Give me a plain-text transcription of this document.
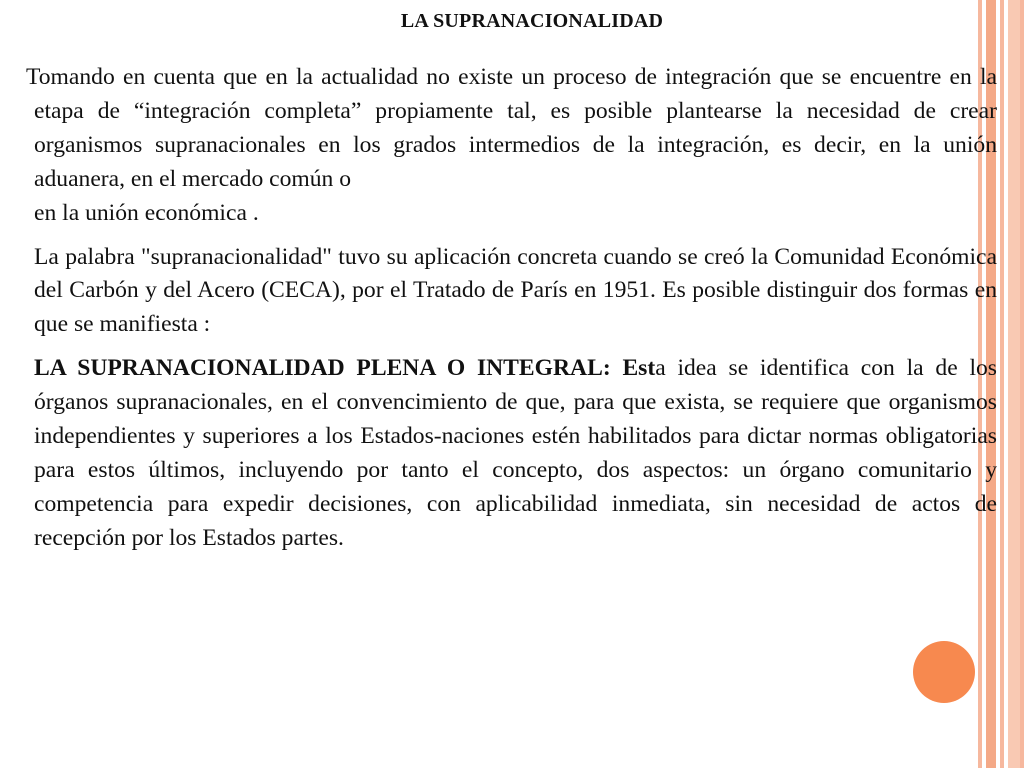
LA SUPRANACIONALIDAD

Tomando en cuenta que en la actualidad no existe un proceso de integración que se encuentre en la etapa de “integración completa” propiamente tal, es posible plantearse la necesidad de crear organismos supranacionales en los grados intermedios de la integración, es decir, en la unión aduanera, en el mercado común o

en la unión económica .

La palabra "supranacionalidad" tuvo su aplicación concreta cuando se creó la Comunidad Económica del Carbón y del Acero (CECA), por el Tratado de París en 1951. Es posible distinguir dos formas en que se manifiesta :

LA SUPRANACIONALIDAD PLENA O INTEGRAL: Esta idea se identifica con la de los órganos supranacionales, en el convencimiento de que, para que exista, se requiere que organismos independientes y superiores a los Estados-naciones estén habilitados para dictar normas obligatorias para estos últimos, incluyendo por tanto el concepto, dos aspectos: un órgano comunitario y competencia para expedir decisiones, con aplicabilidad inmediata, sin necesidad de actos de recepción por los Estados partes.
